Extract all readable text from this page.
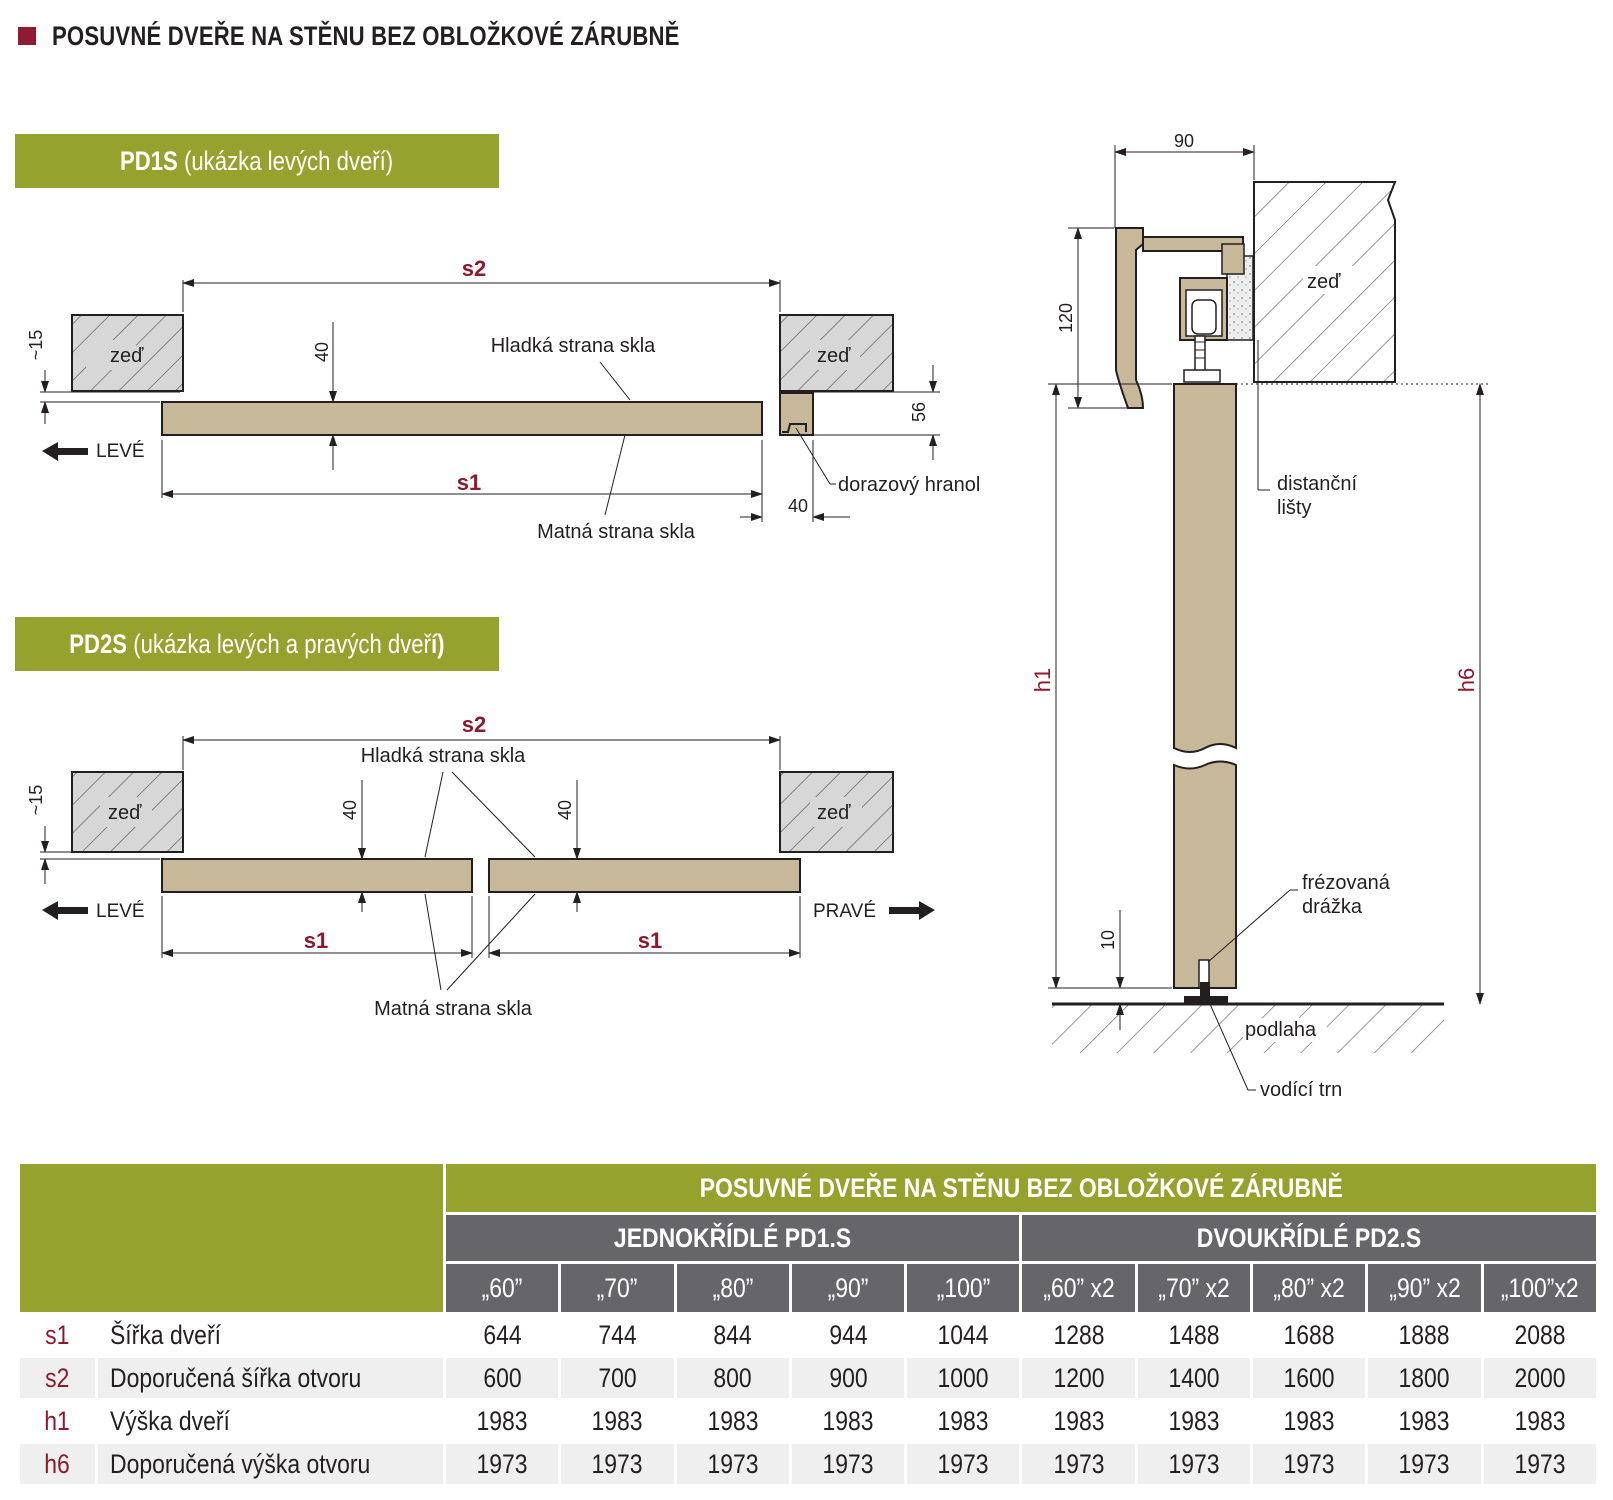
POSUVNÉ DVEŘE NA STĚNU BEZ OBLOŽKOVÉ ZÁRUBNĚ
PD1S (ukázka levých dveří)
PD2S (ukázka levých a pravých dveří)
zeď	zeď
s2
s1
~15	40
56
40
Hladká strana skla
Matná strana skla
dorazový hranol
LEVÉ
zeď	zeď
s2
s1	s1
~15	40	40
Hladká strana skla
Matná strana skla
LEVÉ	PRAVÉ
zeď
90
podlaha
120
h1
10
h6
distanční
lišty
frézovaná
drážka
vodící trn
		POSUVNÉ DVEŘE NA STĚNU BEZ OBLOŽKOVÉ ZÁRUBNĚ									
		JEDNOKŘÍDLÉ PD1.S					DVOUKŘÍDLÉ PD2.S				
		„60”	„70”	„80”	„90”	„100”	„60” x2	„70” x2	„80” x2	„90” x2	„100”x2
s1	Šířka dveří	644	744	844	944	1044	1288	1488	1688	1888	2088
s2	Doporučená šířka otvoru	600	700	800	900	1000	1200	1400	1600	1800	2000
h1	Výška dveří	1983	1983	1983	1983	1983	1983	1983	1983	1983	1983
h6	Doporučená výška otvoru	1973	1973	1973	1973	1973	1973	1973	1973	1973	1973
